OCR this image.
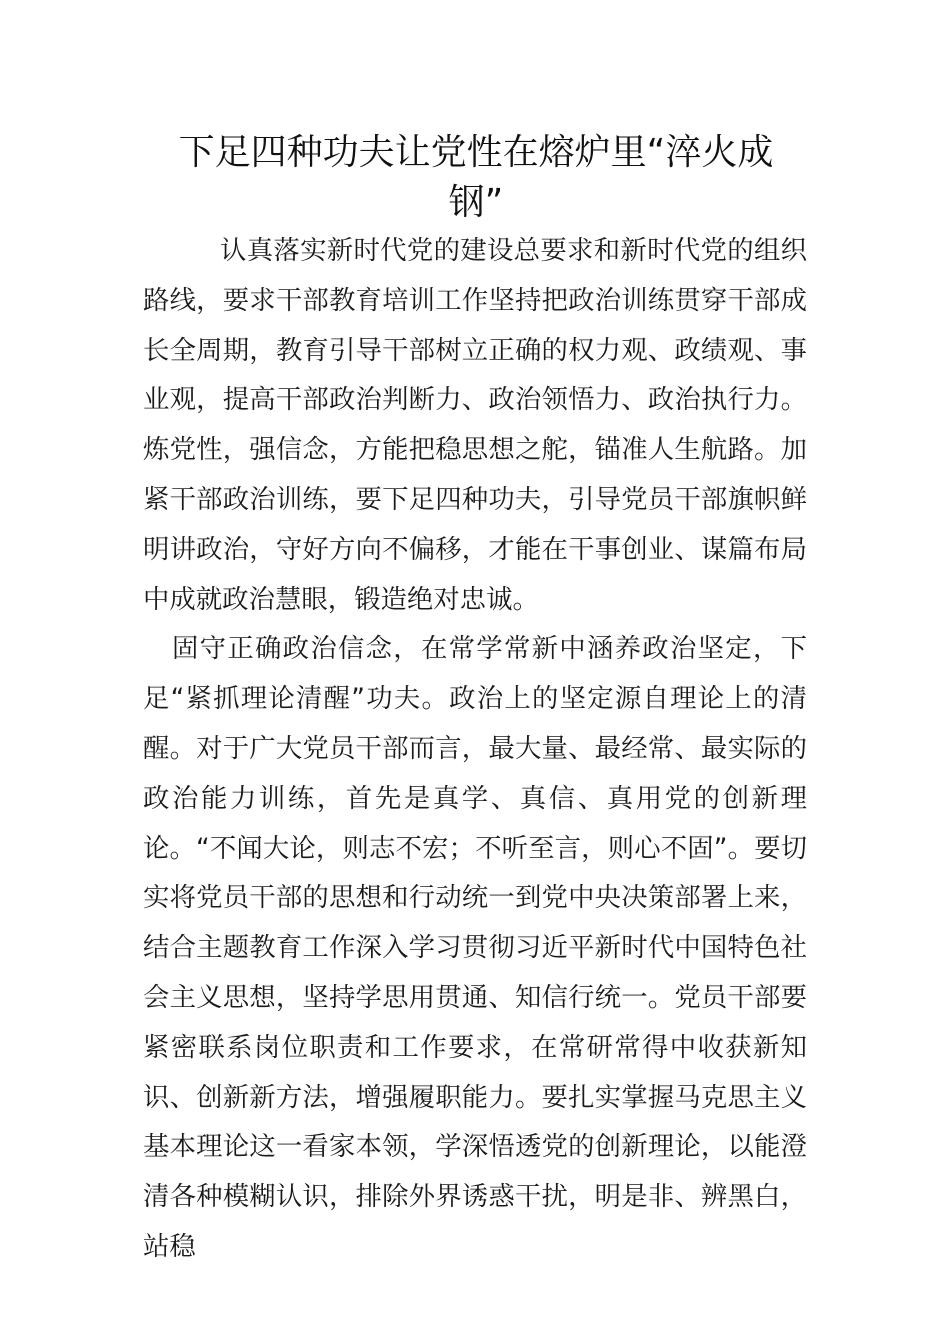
下足四种功夫让党性在熔炉里“淬火成钢”

认真落实新时代党的建设总要求和新时代党的组织路线，要求干部教育培训工作坚持把政治训练贯穿干部成长全周期，教育引导干部树立正确的权力观、政绩观、事业观，提高干部政治判断力、政治领悟力、政治执行力。炼党性，强信念，方能把稳思想之舵，锚准人生航路。加紧干部政治训练，要下足四种功夫，引导党员干部旗帜鲜明讲政治，守好方向不偏移，才能在干事创业、谋篇布局中成就政治慧眼，锻造绝对忠诚。

固守正确政治信念，在常学常新中涵养政治坚定，下足“紧抓理论清醒”功夫。政治上的坚定源自理论上的清醒。对于广大党员干部而言，最大量、最经常、最实际的政治能力训练，首先是真学、真信、真用党的创新理论。“不闻大论，则志不宏；不听至言，则心不固”。要切实将党员干部的思想和行动统一到党中央决策部署上来，结合主题教育工作深入学习贯彻习近平新时代中国特色社会主义思想，坚持学思用贯通、知信行统一。党员干部要紧密联系岗位职责和工作要求，在常研常得中收获新知识、创新新方法，增强履职能力。要扎实掌握马克思主义基本理论这一看家本领，学深悟透党的创新理论，以能澄清各种模糊认识，排除外界诱惑干扰，明是非、辨黑白，站稳
